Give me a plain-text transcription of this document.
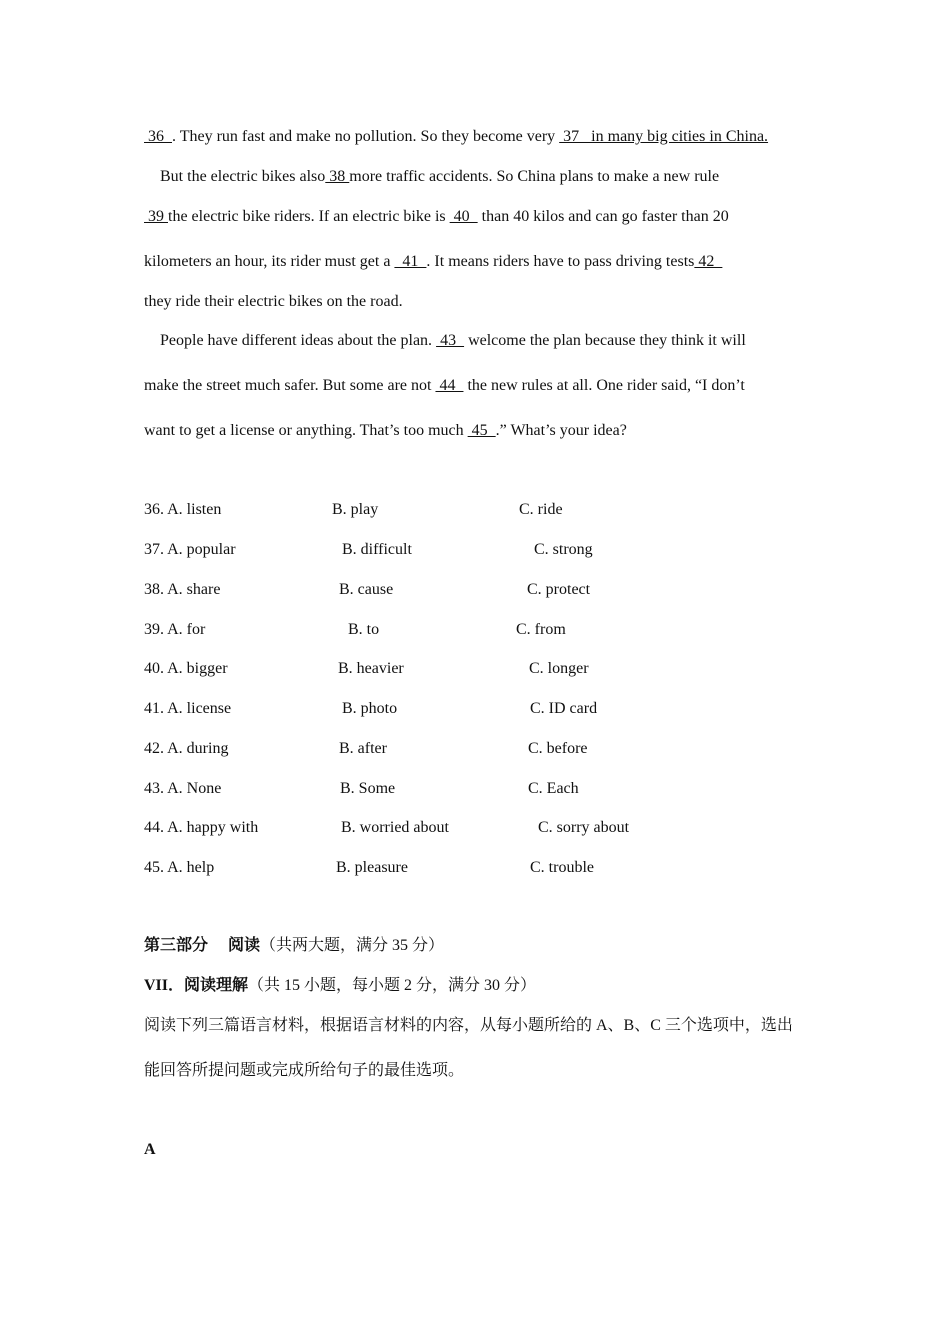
36  . They run fast and make no pollution. So they become very  37   in many big cities in China.
But the electric bikes also 38 more traffic accidents. So China plans to make a new rule
39 the electric bike riders. If an electric bike is  40   than 40 kilos and can go faster than 20
kilometers an hour, its rider must get a   41  . It means riders have to pass driving tests 42
they ride their electric bikes on the road.
People have different ideas about the plan.  43   welcome the plan because they think it will
make the street much safer. But some are not  44   the new rules at all. One rider said, “I don’t
want to get a license or anything. That’s too much  45  .” What’s your idea?
36. A. listen	B. play	C. ride
37. A. popular	B. difficult	C. strong
38. A. share	B. cause	C. protect
39. A. for	B. to	C. from
40. A. bigger	B. heavier	C. longer
41. A. license	B. photo	C. ID card
42. A. during	B. after	C. before
43. A. None	B. Some	C. Each
44. A. happy with	B. worried about	C. sorry about
45. A. help	B. pleasure	C. trouble
第三部分 阅读（共两大题，满分 35 分）
VII．阅读理解（共 15 小题，每小题 2 分，满分 30 分）
阅读下列三篇语言材料，根据语言材料的内容，从每小题所给的 A、B、C 三个选项中，选出
能回答所提问题或完成所给句子的最佳选项。
A
